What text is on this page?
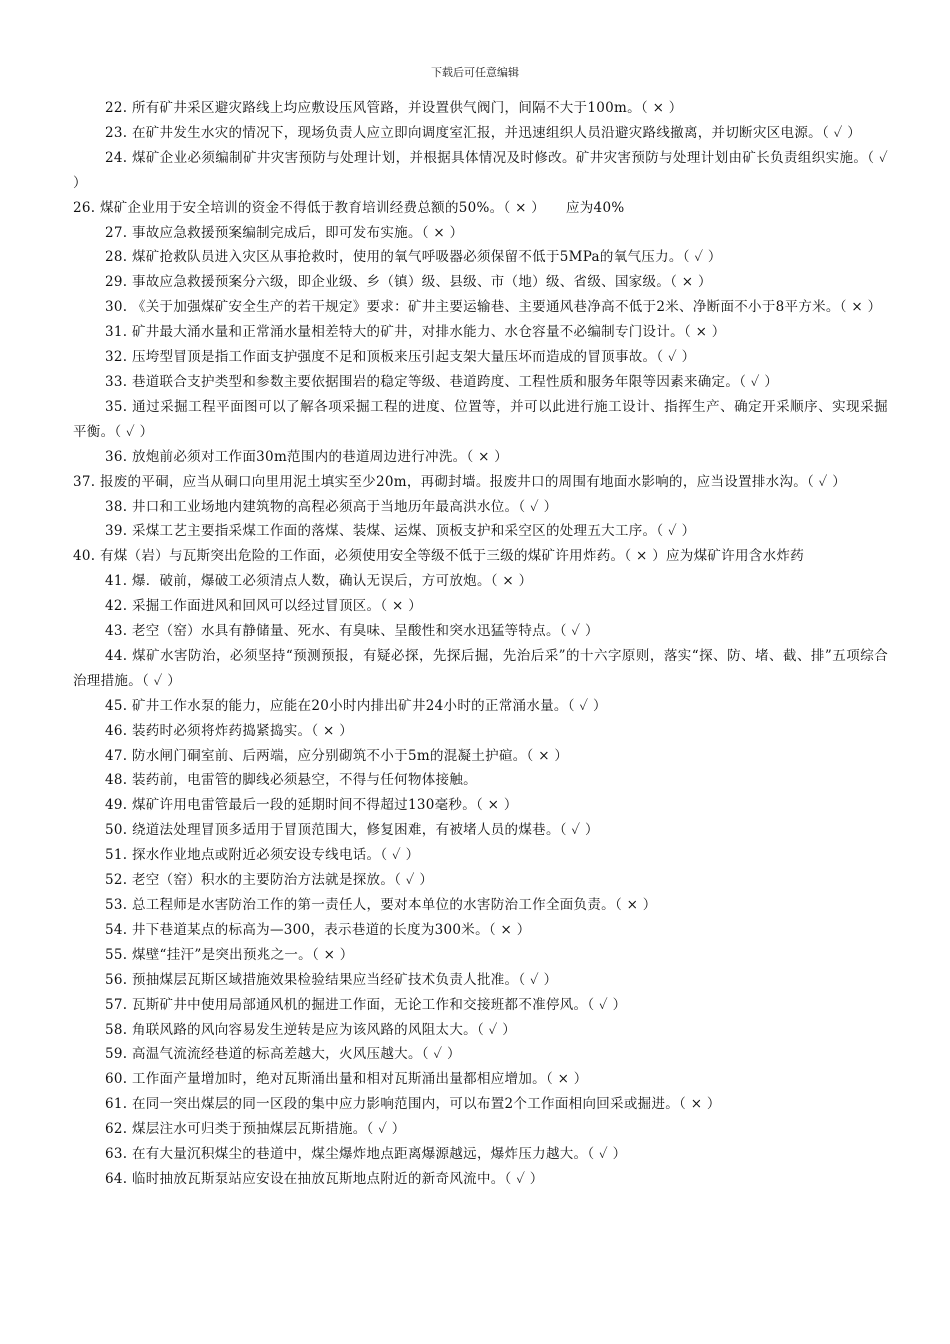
下载后可任意编辑

22. 所有矿井采区避灾路线上均应敷设压风管路，并设置供气阀门，间隔不大于100m。（ × ）

23. 在矿井发生水灾的情况下，现场负责人应立即向调度室汇报，并迅速组织人员沿避灾路线撤离，并切断灾区电源。（ ✓ ）

24. 煤矿企业必须编制矿井灾害预防与处理计划，并根据具体情况及时修改。矿井灾害预防与处理计划由矿长负责组织实施。（ ✓ ）

26. 煤矿企业用于安全培训的资金不得低于教育培训经费总额的50%。（ × ）　　应为40%

27. 事故应急救援预案编制完成后，即可发布实施。（ × ）

28. 煤矿抢救队员进入灾区从事抢救时，使用的氧气呼吸器必须保留不低于5MPa的氧气压力。（ ✓ ）

29. 事故应急救援预案分六级，即企业级、乡（镇）级、县级、市（地）级、省级、国家级。（ × ）

30. 《关于加强煤矿安全生产的若干规定》要求：矿井主要运输巷、主要通风巷净高不低于2米、净断面不小于8平方米。（ × ）

31. 矿井最大涌水量和正常涌水量相差特大的矿井，对排水能力、水仓容量不必编制专门设计。（ × ）

32. 压垮型冒顶是指工作面支护强度不足和顶板来压引起支架大量压坏而造成的冒顶事故。（ ✓ ）

33. 巷道联合支护类型和参数主要依据围岩的稳定等级、巷道跨度、工程性质和服务年限等因素来确定。（ ✓ ）

35. 通过采掘工程平面图可以了解各项采掘工程的进度、位置等，并可以此进行施工设计、指挥生产、确定开采顺序、实现采掘平衡。（ ✓ ）

36. 放炮前必须对工作面30m范围内的巷道周边进行冲洗。（ × ）

37. 报废的平硐，应当从硐口向里用泥土填实至少20m，再砌封墙。报废井口的周围有地面水影响的，应当设置排水沟。（ ✓ ）

38. 井口和工业场地内建筑物的高程必须高于当地历年最高洪水位。（ ✓ ）

39. 采煤工艺主要指采煤工作面的落煤、装煤、运煤、顶板支护和采空区的处理五大工序。（ ✓ ）

40. 有煤（岩）与瓦斯突出危险的工作面，必须使用安全等级不低于三级的煤矿许用炸药。（ × ）应为煤矿许用含水炸药

41. 爆．破前，爆破工必须清点人数，确认无误后，方可放炮。（ × ）

42. 采掘工作面进风和回风可以经过冒顶区。（ × ）

43. 老空（窑）水具有静储量、死水、有臭味、呈酸性和突水迅猛等特点。（ ✓ ）

44. 煤矿水害防治，必须坚持“预测预报，有疑必探，先探后掘，先治后采”的十六字原则，落实“探、防、堵、截、排”五项综合治理措施。（ ✓ ）

45. 矿井工作水泵的能力，应能在20小时内排出矿井24小时的正常涌水量。（ ✓ ）

46. 装药时必须将炸药捣紧捣实。（ × ）

47. 防水闸门硐室前、后两端，应分别砌筑不小于5m的混凝土护碹。（ × ）

48. 装药前，电雷管的脚线必须悬空，不得与任何物体接触。

49. 煤矿许用电雷管最后一段的延期时间不得超过130毫秒。（ × ）

50. 绕道法处理冒顶多适用于冒顶范围大，修复困难，有被堵人员的煤巷。（ ✓ ）

51. 探水作业地点或附近必须安设专线电话。（ ✓ ）

52. 老空（窑）积水的主要防治方法就是探放。（ ✓ ）

53. 总工程师是水害防治工作的第一责任人，要对本单位的水害防治工作全面负责。（ × ）

54. 井下巷道某点的标高为—300，表示巷道的长度为300米。（ × ）

55. 煤壁“挂汗”是突出预兆之一。（ × ）

56. 预抽煤层瓦斯区域措施效果检验结果应当经矿技术负责人批准。（ ✓ ）

57. 瓦斯矿井中使用局部通风机的掘进工作面，无论工作和交接班都不准停风。（ ✓ ）

58. 角联风路的风向容易发生逆转是应为该风路的风阻太大。（ ✓ ）

59. 高温气流流经巷道的标高差越大，火风压越大。（ ✓ ）

60. 工作面产量增加时，绝对瓦斯涌出量和相对瓦斯涌出量都相应增加。（ × ）

61. 在同一突出煤层的同一区段的集中应力影响范围内，可以布置2个工作面相向回采或掘进。（ × ）

62. 煤层注水可归类于预抽煤层瓦斯措施。（ ✓ ）

63. 在有大量沉积煤尘的巷道中，煤尘爆炸地点距离爆源越远，爆炸压力越大。（ ✓ ）

64. 临时抽放瓦斯泵站应安设在抽放瓦斯地点附近的新奇风流中。（ ✓ ）
